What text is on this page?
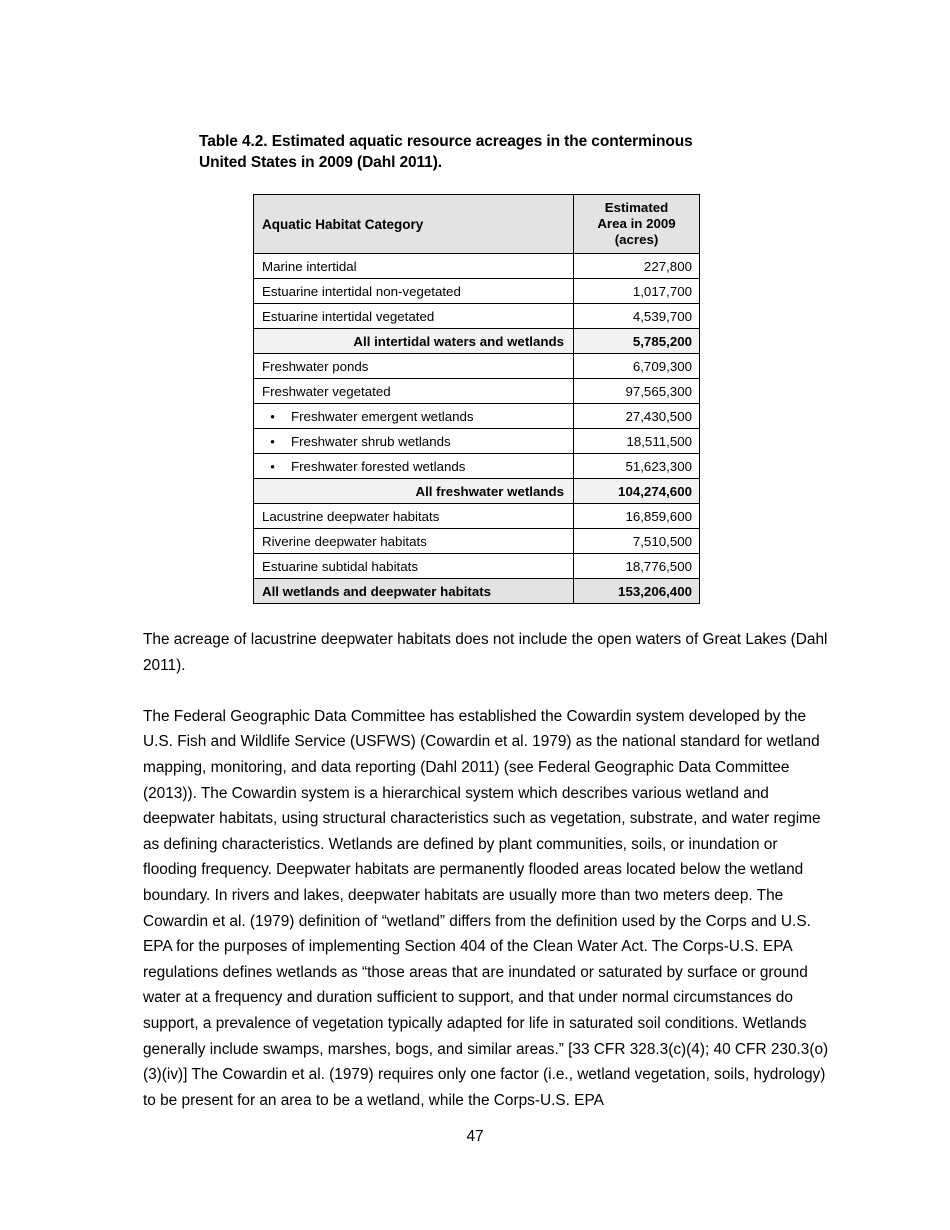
Table 4.2. Estimated aquatic resource acreages in the conterminous United States in 2009 (Dahl 2011).
Aquatic Habitat Category	Estimated
Area in 2009
(acres)
Marine intertidal	227,800
Estuarine intertidal non-vegetated	1,017,700
Estuarine intertidal vegetated	4,539,700
All intertidal waters and wetlands	5,785,200
Freshwater ponds	6,709,300
Freshwater vegetated	97,565,300
• Freshwater emergent wetlands	27,430,500
• Freshwater shrub wetlands	18,511,500
• Freshwater forested wetlands	51,623,300
All freshwater wetlands	104,274,600
Lacustrine deepwater habitats	16,859,600
Riverine deepwater habitats	7,510,500
Estuarine subtidal habitats	18,776,500
All wetlands and deepwater habitats	153,206,400

The acreage of lacustrine deepwater habitats does not include the open waters of Great Lakes (Dahl 2011).

The Federal Geographic Data Committee has established the Cowardin system developed by the U.S. Fish and Wildlife Service (USFWS) (Cowardin et al. 1979) as the national standard for wetland mapping, monitoring, and data reporting (Dahl 2011) (see Federal Geographic Data Committee (2013)). The Cowardin system is a hierarchical system which describes various wetland and deepwater habitats, using structural characteristics such as vegetation, substrate, and water regime as defining characteristics. Wetlands are defined by plant communities, soils, or inundation or flooding frequency. Deepwater habitats are permanently flooded areas located below the wetland boundary. In rivers and lakes, deepwater habitats are usually more than two meters deep. The Cowardin et al. (1979) definition of “wetland” differs from the definition used by the Corps and U.S. EPA for the purposes of implementing Section 404 of the Clean Water Act. The Corps-U.S. EPA regulations defines wetlands as “those areas that are inundated or saturated by surface or ground water at a frequency and duration sufficient to support, and that under normal circumstances do support, a prevalence of vegetation typically adapted for life in saturated soil conditions. Wetlands generally include swamps, marshes, bogs, and similar areas.” [33 CFR 328.3(c)(4); 40 CFR 230.3(o)(3)(iv)] The Cowardin et al. (1979) requires only one factor (i.e., wetland vegetation, soils, hydrology) to be present for an area to be a wetland, while the Corps-U.S. EPA

47
